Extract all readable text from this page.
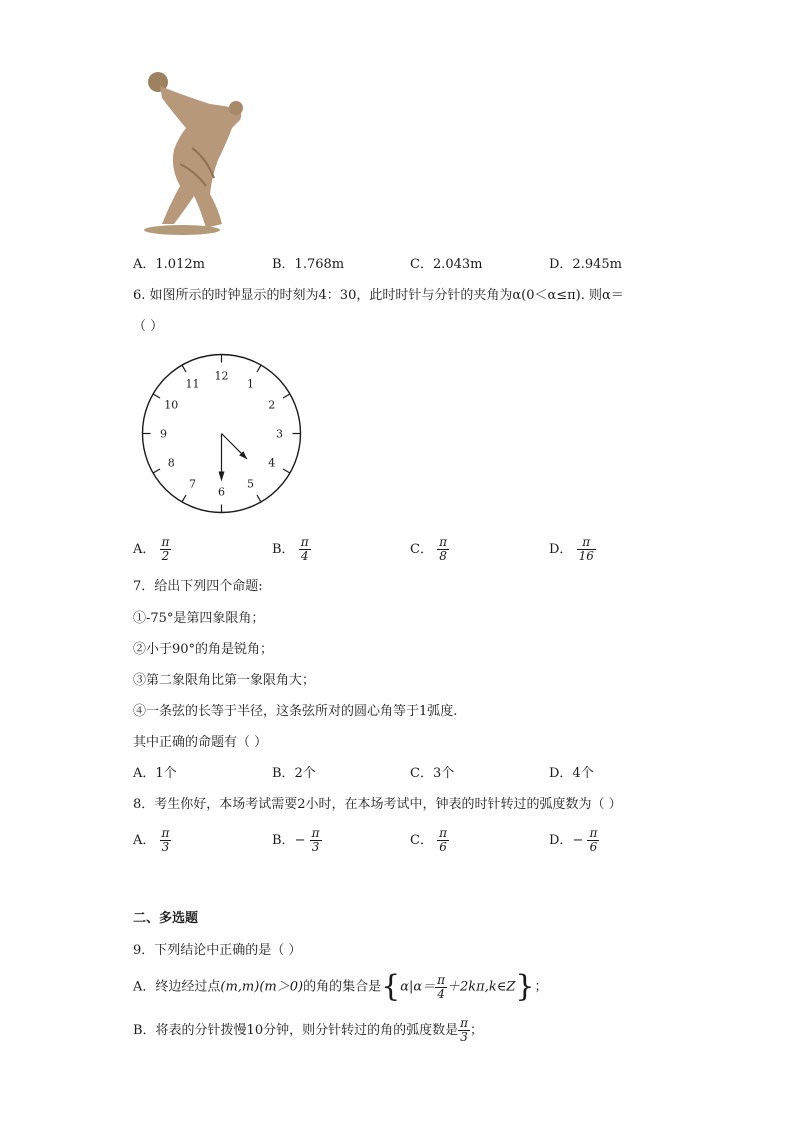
A．1.012m	B．1.768m	C．2.043m	D．2.945m
6. 如图所示的时钟显示的时刻为4：30，此时时针与分针的夹角为α(0＜α≤π). 则α＝
（ ）
12
1
2
3
4
5
6
7
8
9
10
11
A． $\frac{\pi}{2}$	B． $\frac{\pi}{4}$	C． $\frac{\pi}{8}$	D． $\frac{\pi}{16}$
7．给出下列四个命题:
①-75°是第四象限角；
②小于90°的角是锐角；
③第二象限角比第一象限角大；
④一条弦的长等于半径，这条弦所对的圆心角等于1弧度.
其中正确的命题有（ ）
A．1个	B．2个	C．3个	D．4个
8．考生你好，本场考试需要2小时，在本场考试中，钟表的时针转过的弧度数为（ ）
A． $\frac{\pi}{3}$	B．− $\frac{\pi}{3}$	C． $\frac{\pi}{6}$	D．− $\frac{\pi}{6}$
二、多选题
9．下列结论中正确的是（ ）
A．终边经过点(m,m)(m＞0)的角的集合是{$\alpha|\alpha= \frac{\pi}{4}$ ＋2kπ,k∈Z}；
B．将表的分针拨慢10分钟，则分针转过的角的弧度数是 $\frac{\pi}{3}$ ；
